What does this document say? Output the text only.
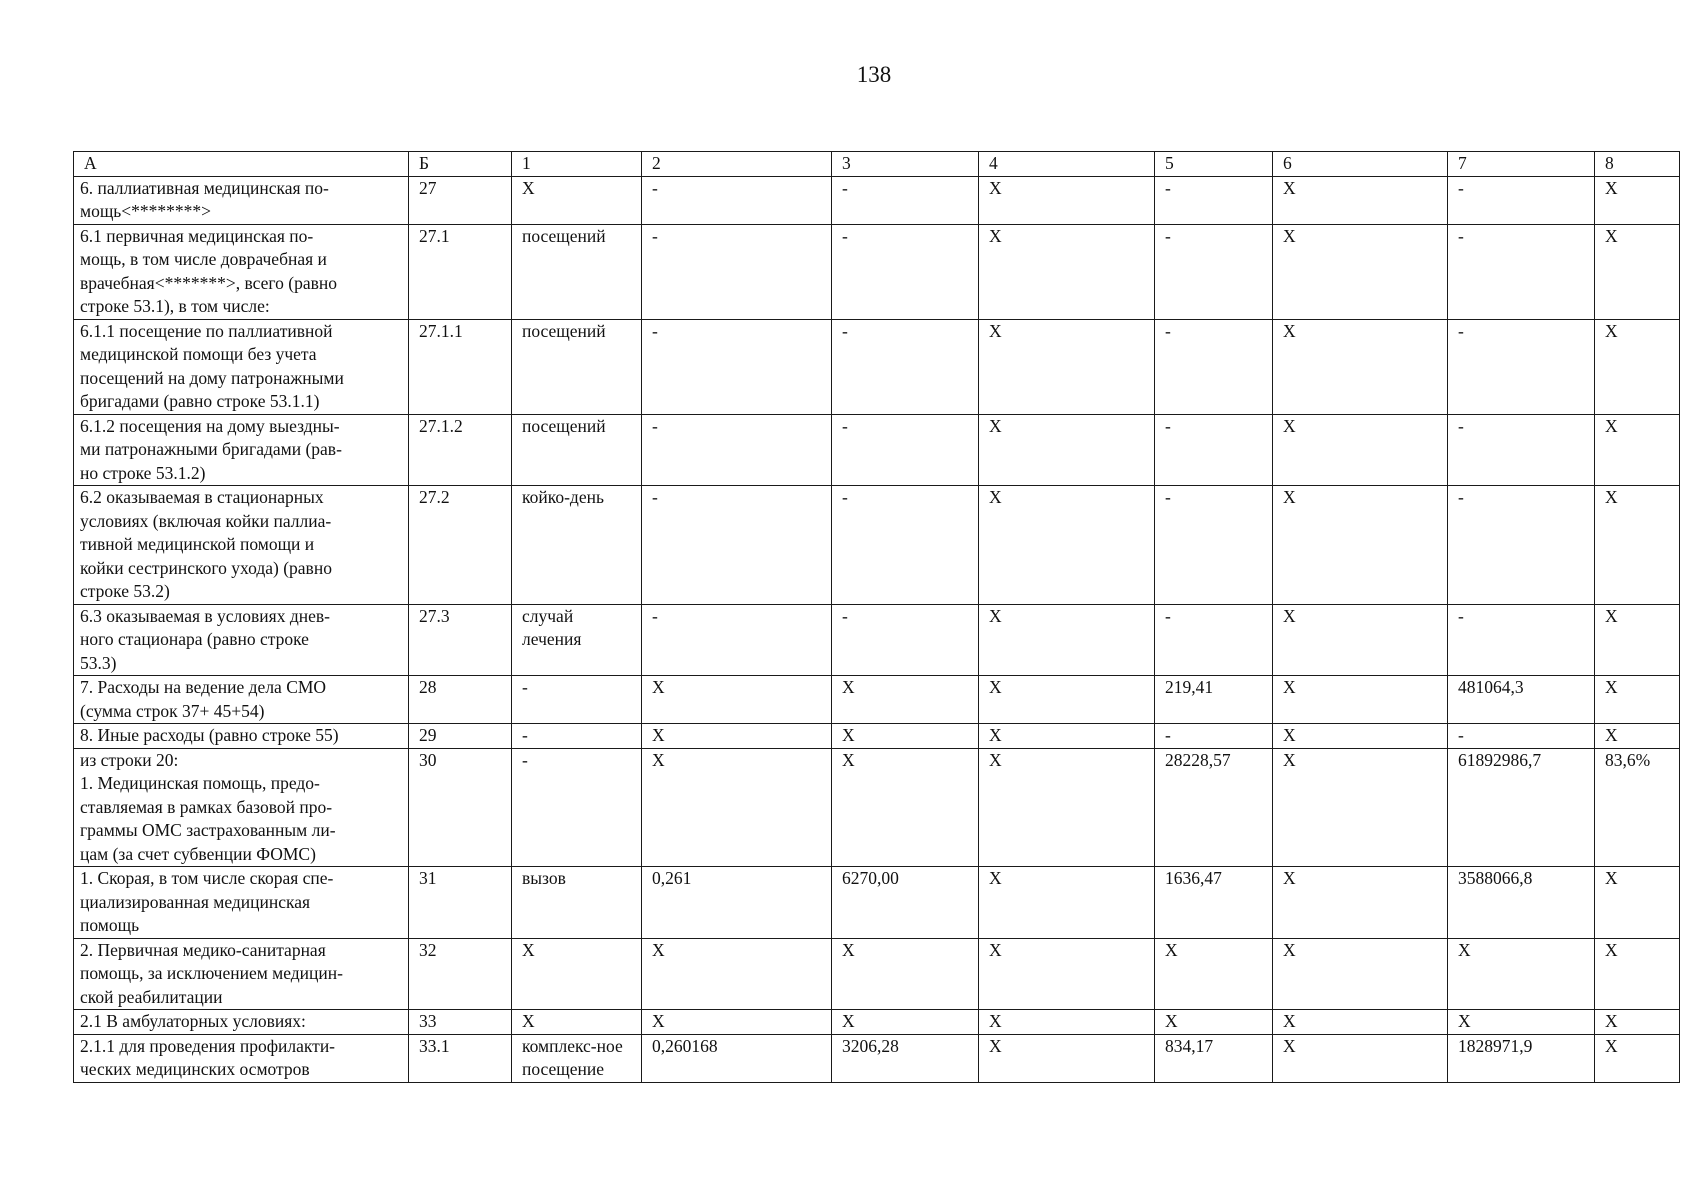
138
А	Б	1	2	3	4	5	6	7	8

6. паллиативная медицинская по-
мощь<********>	27	Х	-	-	Х	-	Х	-	Х

6.1 первичная медицинская по-
мощь, в том числе доврачебная и
врачебная<*******>, всего (равно
строке 53.1), в том числе:	27.1	посещений	-	-	Х	-	Х	-	Х

6.1.1 посещение по паллиативной
медицинской помощи без учета
посещений на дому патронажными
бригадами (равно строке 53.1.1)	27.1.1	посещений	-	-	Х	-	Х	-	Х

6.1.2 посещения на дому выездны-
ми патронажными бригадами (рав-
но строке 53.1.2)	27.1.2	посещений	-	-	Х	-	Х	-	Х

6.2 оказываемая в стационарных
условиях (включая койки паллиа-
тивной медицинской помощи и
койки сестринского ухода) (равно
строке 53.2)	27.2	койко-день	-	-	Х	-	Х	-	Х

6.3 оказываемая в условиях днев-
ного стационара (равно строке
53.3)	27.3	случай лечения	-	-	Х	-	Х	-	Х

7. Расходы на ведение дела СМО
(сумма строк 37+ 45+54)	28	-	Х	Х	Х	219,41	Х	481064,3	Х

8. Иные расходы (равно строке 55)	29	-	Х	Х	Х	-	Х	-	Х

из строки 20:
1. Медицинская помощь, предо-
ставляемая в рамках базовой про-
граммы ОМС застрахованным ли-
цам (за счет субвенции ФОМС)	30	-	Х	Х	Х	28228,57	Х	61892986,7	83,6%

1. Скорая, в том числе скорая спе-
циализированная медицинская
помощь	31	вызов	0,261	6270,00	Х	1636,47	Х	3588066,8	Х

2. Первичная медико-санитарная
помощь, за исключением медицин-
ской реабилитации	32	Х	Х	Х	Х	Х	Х	Х	Х

2.1 В амбулаторных условиях:	33	Х	Х	Х	Х	Х	Х	Х	Х

2.1.1 для проведения профилакти-
ческих медицинских осмотров	33.1	комплекс-ное посещение	0,260168	3206,28	Х	834,17	Х	1828971,9	Х
